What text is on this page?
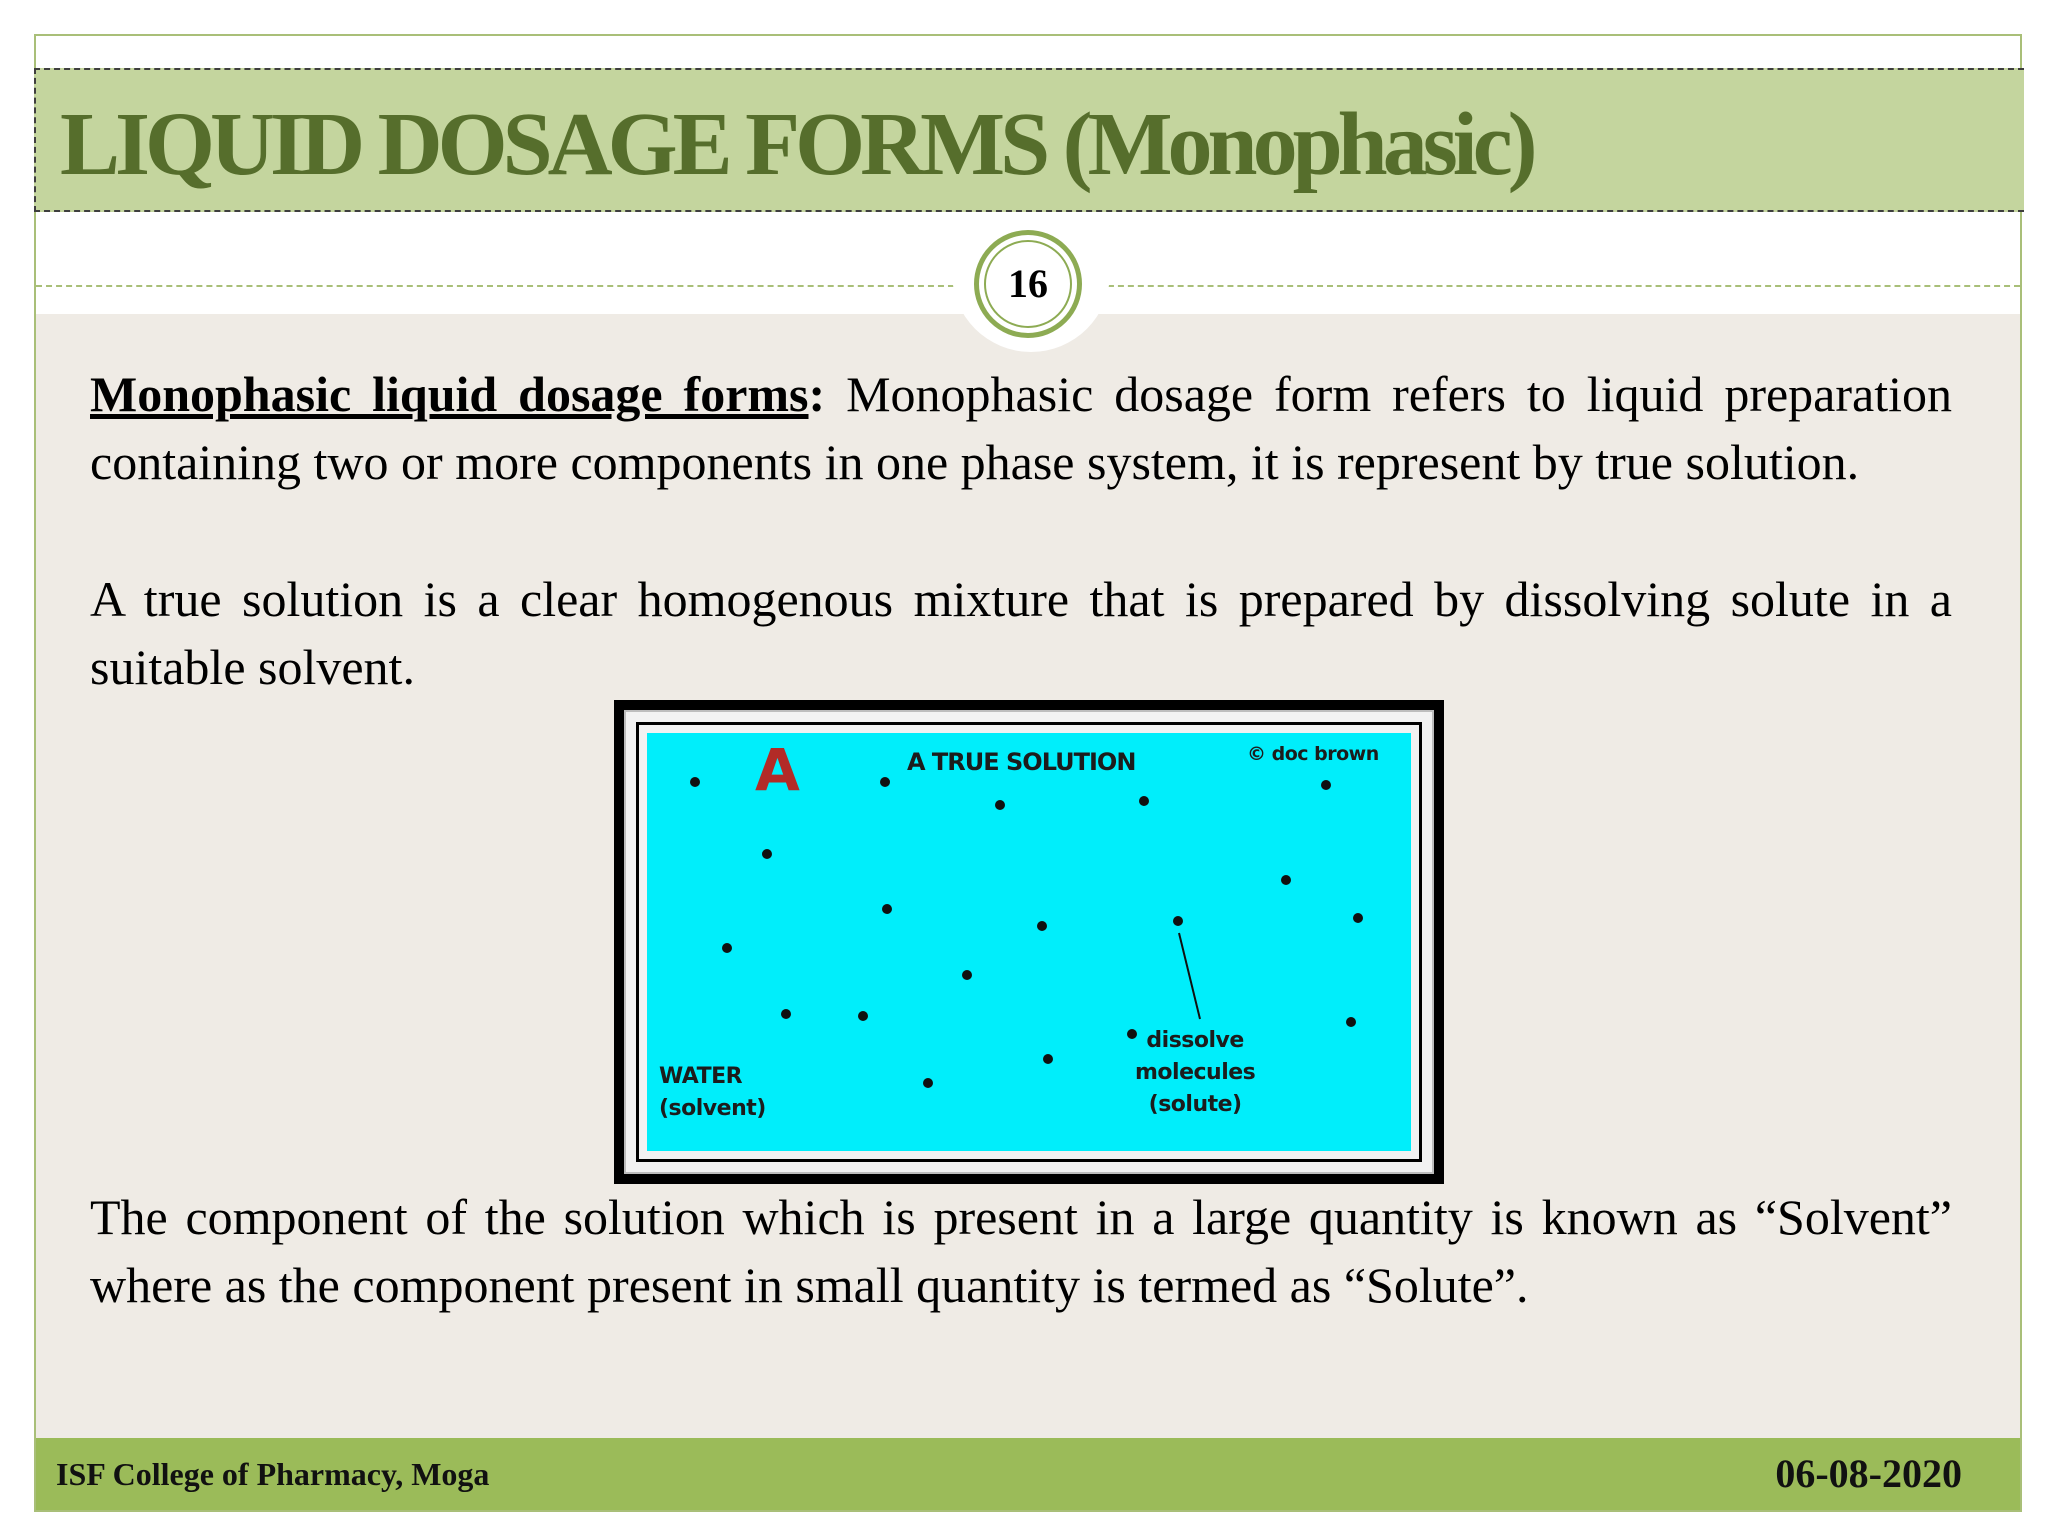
LIQUID DOSAGE FORMS (Monophasic)
16

Monophasic liquid dosage forms: Monophasic dosage form refers to liquid preparation containing two or more components in one phase system, it is represent by true solution.

A true solution is a clear homogenous mixture that is prepared by dissolving solute in a suitable solvent.

A	A TRUE SOLUTION	© doc brown
WATER
(solvent)
dissolve
molecules
(solute)

The component of the solution which is present in a large quantity is known as “Solvent” where as the component present in small quantity is termed as “Solute”.

ISF College of Pharmacy, Moga	06-08-2020
